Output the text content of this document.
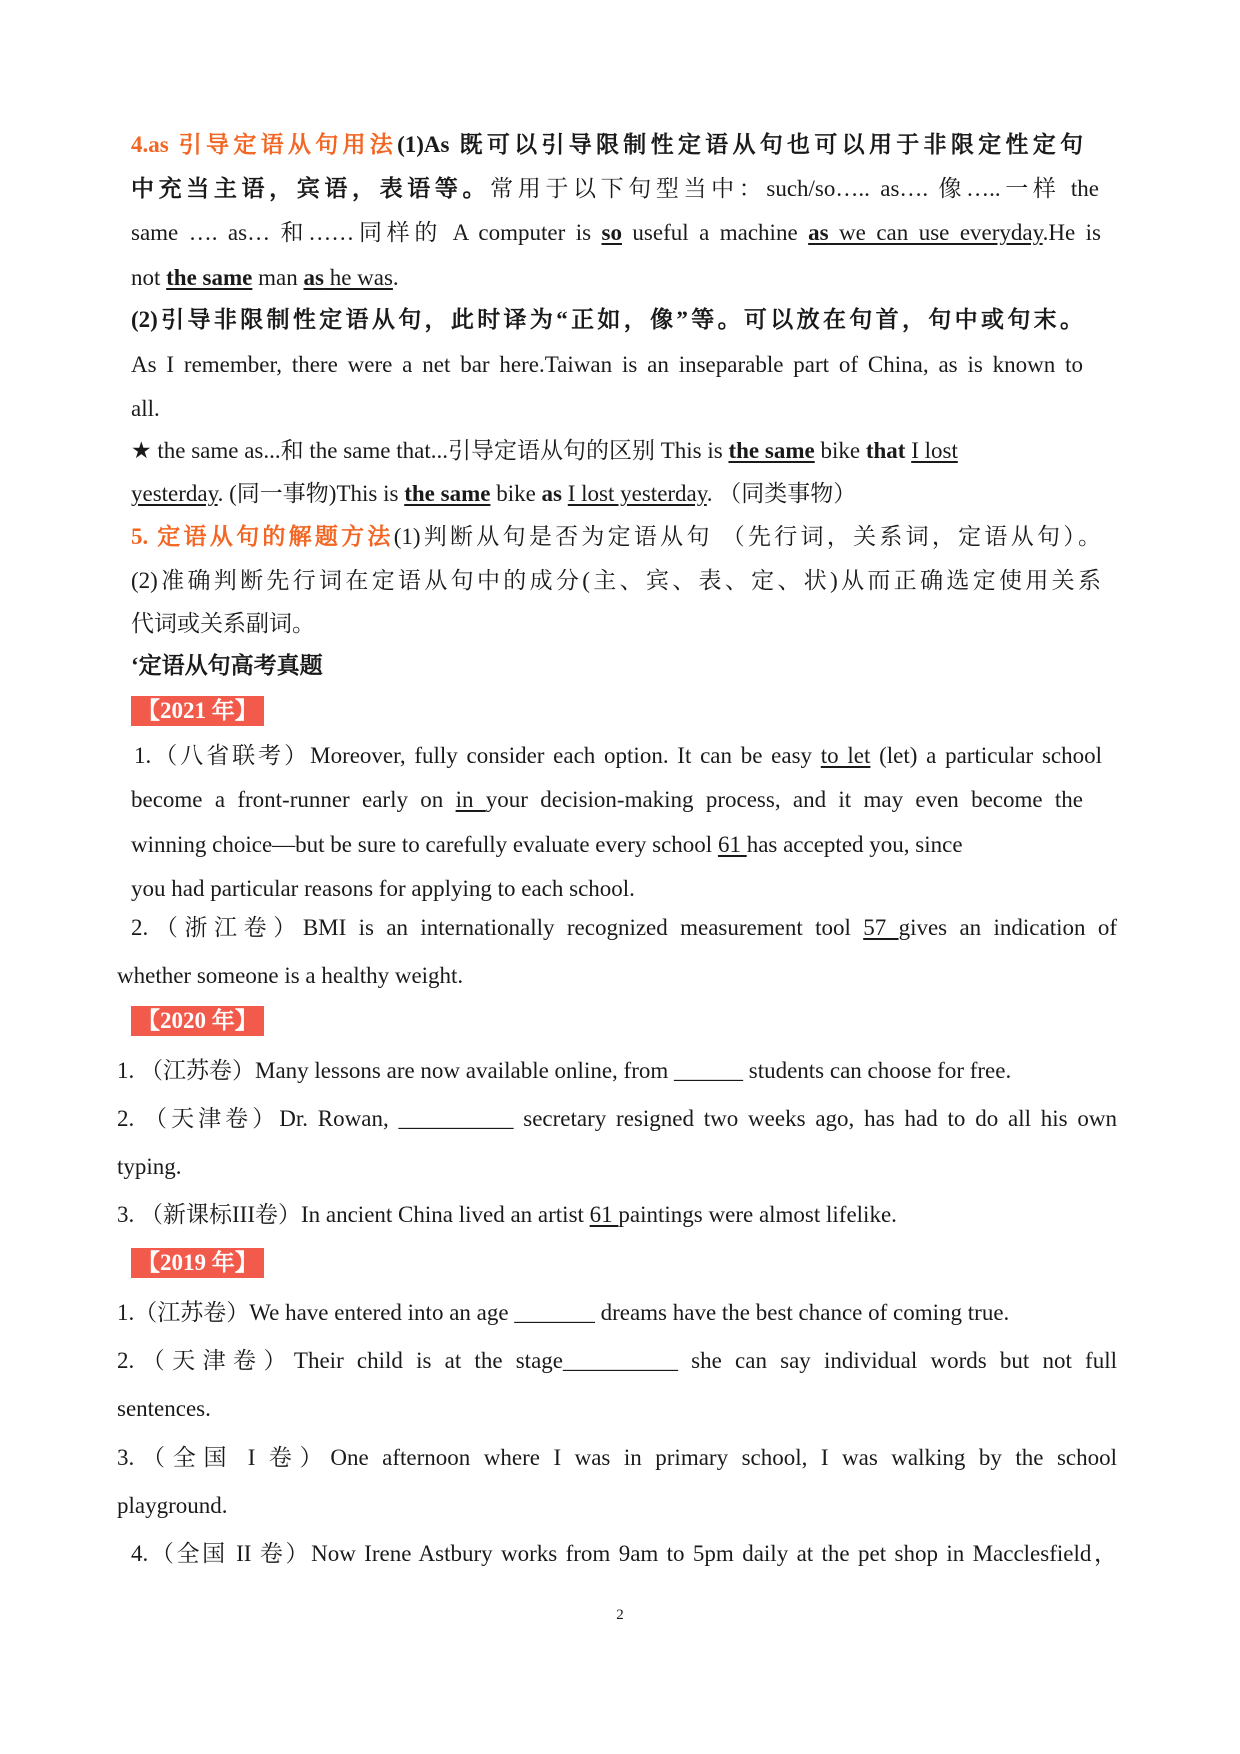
4.as 引导定语从句用法(1)As 既可以引导限制性定语从句也可以用于非限定性定句
中充当主语，宾语，表语等。常用于以下句型当中：such/so….. as…. 像…..一样 the
same …. as… 和……同样的 A computer is so useful a machine as we can use everyday.He is
not the same man as he was.
(2)引导非限制性定语从句，此时译为“正如，像”等。可以放在句首，句中或句末。
As I remember, there were a net bar here.Taiwan is an inseparable part of China, as is known to
all.
★ the same as...和 the same that...引导定语从句的区别 This is the same bike that I lost
yesterday. (同一事物)This is the same bike as I lost yesterday. （同类事物）
5. 定语从句的解题方法(1)判断从句是否为定语从句 （先行词，关系词，定语从句）。
(2)准确判断先行词在定语从句中的成分(主、宾、表、定、状)从而正确选定使用关系
代词或关系副词。
‘定语从句高考真题
【2021 年】
1.（八省联考）Moreover, fully consider each option. It can be easy to let (let) a particular school
become a front-runner early on in your decision-making process, and it may even become the
winning choice—but be sure to carefully evaluate every school 61 has accepted you, since
you had particular reasons for applying to each school.
2.（浙江卷）BMI is an internationally recognized measurement tool 57 gives an indication of
whether someone is a healthy weight.
【2020 年】
1. （江苏卷）Many lessons are now available online, from ______ students can choose for free.
2. （天津卷）Dr. Rowan, __________ secretary resigned two weeks ago, has had to do all his own
typing.
3. （新课标III卷）In ancient China lived an artist 61 paintings were almost lifelike.
【2019 年】
1.（江苏卷）We have entered into an age _______ dreams have the best chance of coming true.
2.（天津卷）Their child is at the stage__________ she can say individual words but not full
sentences.
3.（全国 I 卷）One afternoon where I was in primary school, I was walking by the school
playground.
4.（全国 II 卷）Now Irene Astbury works from 9am to 5pm daily at the pet shop in Macclesfield，
2
